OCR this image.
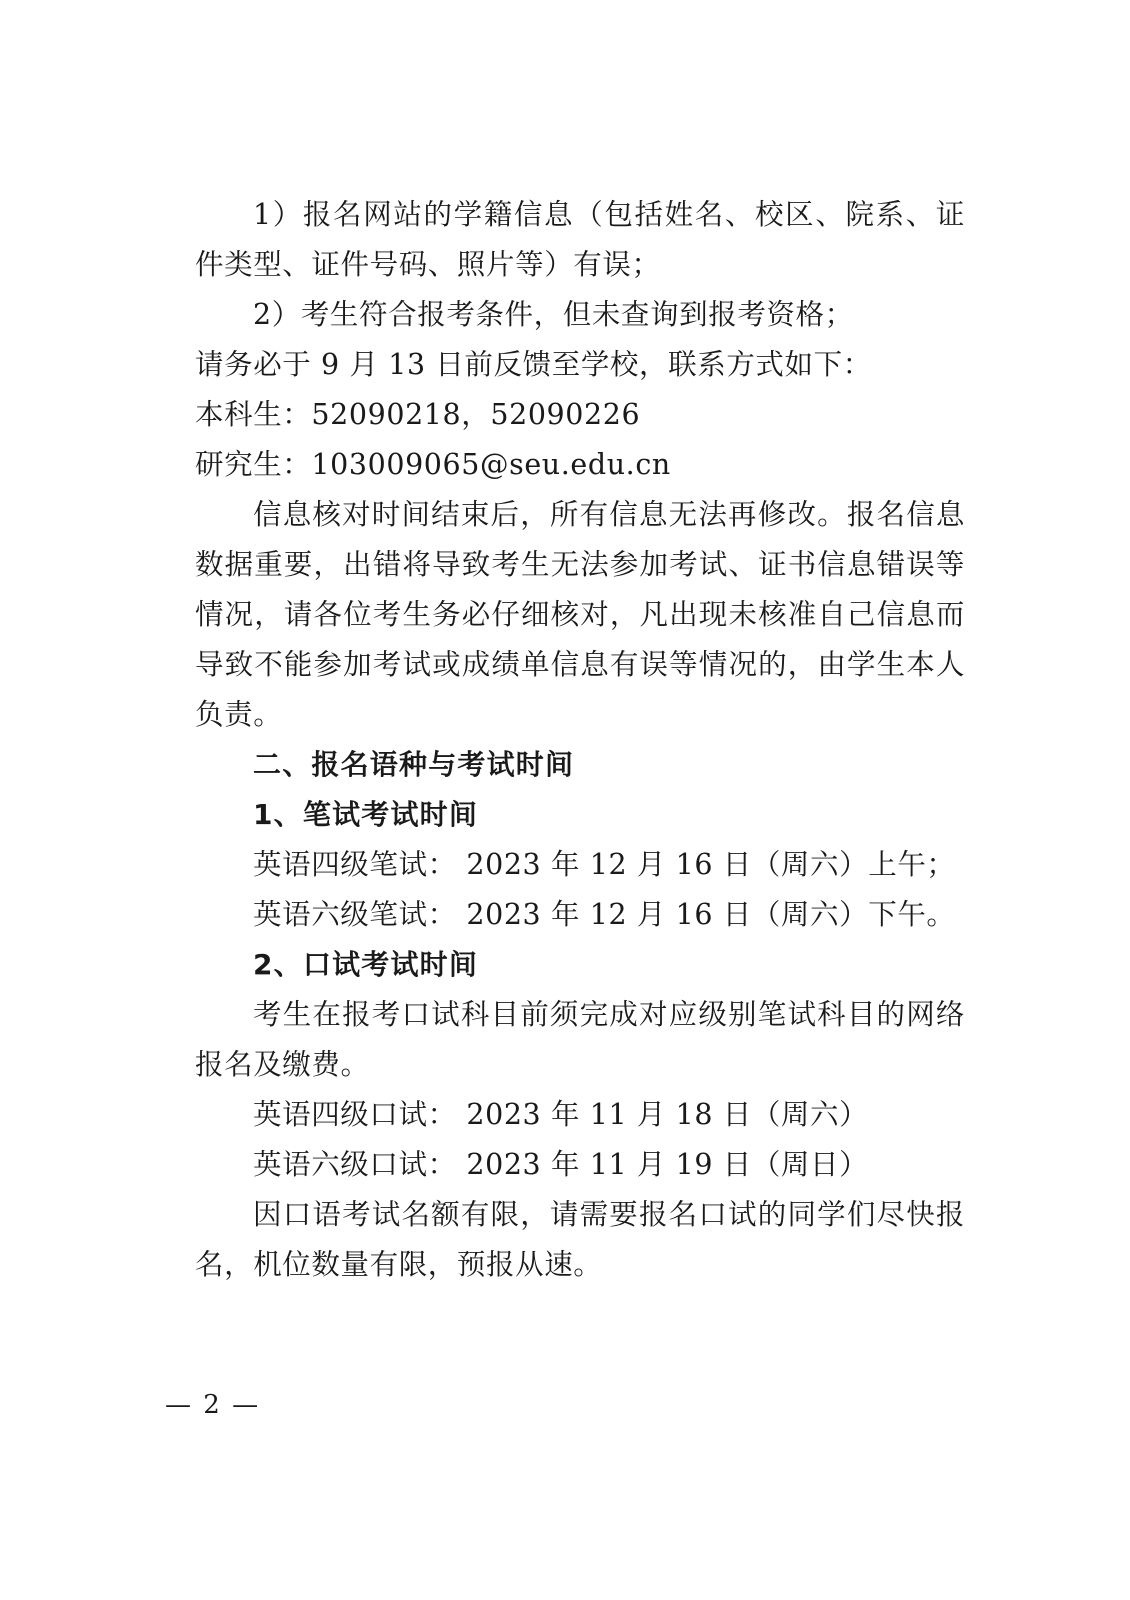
1）报名网站的学籍信息（包括姓名、校区、院系、证件类型、证件号码、照片等）有误；

2）考生符合报考条件，但未查询到报考资格；

请务必于 9 月 13 日前反馈至学校，联系方式如下：

本科生：52090218，52090226

研究生：103009065@seu.edu.cn

信息核对时间结束后，所有信息无法再修改。报名信息数据重要，出错将导致考生无法参加考试、证书信息错误等情况，请各位考生务必仔细核对，凡出现未核准自己信息而导致不能参加考试或成绩单信息有误等情况的，由学生本人负责。

二、报名语种与考试时间

1、笔试考试时间

英语四级笔试： 2023 年 12 月 16 日（周六）上午；

英语六级笔试： 2023 年 12 月 16 日（周六）下午。

2、口试考试时间

考生在报考口试科目前须完成对应级别笔试科目的网络报名及缴费。

英语四级口试： 2023 年 11 月 18 日（周六）

英语六级口试： 2023 年 11 月 19 日（周日）

因口语考试名额有限，请需要报名口试的同学们尽快报名，机位数量有限，预报从速。

— 2 —
